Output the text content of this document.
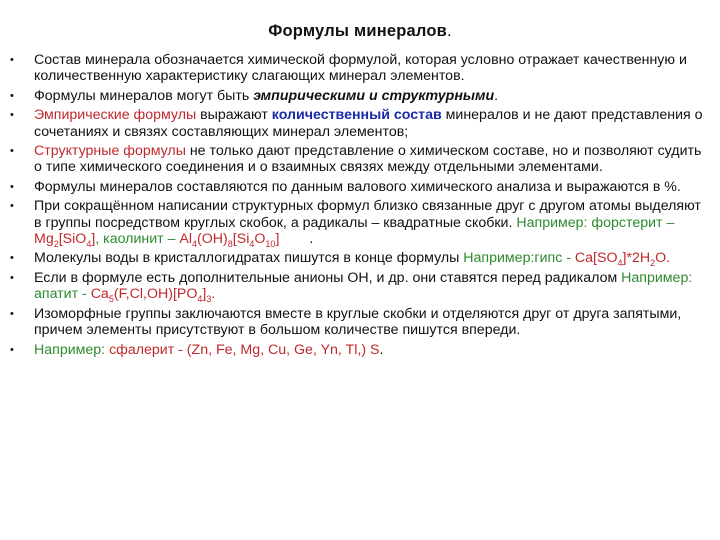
Формулы минералов.
• Состав минерала обозначается химической формулой, которая условно отражает качественную и количественную характеристику слагающих минерал элементов.
• Формулы минералов могут быть эмпирическими и структурными.
• Эмпирические формулы выражают количественный состав минералов и не дают представления о сочетаниях и связях составляющих минерал элементов;
• Структурные формулы не только дают представление о химическом составе, но и позволяют судить о типе химического соединения и о взаимных связях между отдельными элементами.
• Формулы минералов составляются по данным валового химического анализа и выражаются в %.
• При сокращённом написании структурных формул близко связанные друг с другом атомы выделяют в группы посредством круглых скобок, а радикалы – квадратные скобки. Например: форстерит – $Mg_2[SiO_4]$, каолинит – $Al_4(OH)_8[Si_4O_{10}]$ .
• Молекулы воды в кристаллогидратах пишутся в конце формулы Например:гипс - $Ca[SO_4]*2H_2O$.
• Если в формуле есть дополнительные анионы ОН, и др. они ставятся перед радикалом Например: апатит - $Ca_5(F,Cl,OH)[PO_4]_3$.
• Изоморфные группы заключаются вместе в круглые скобки и отделяются друг от друга запятыми, причем элементы присутствуют в большом количестве пишутся впереди.
• Например: сфалерит - (Zn, Fe, Mg, Cu, Ge, Yn, Tl,) S.
